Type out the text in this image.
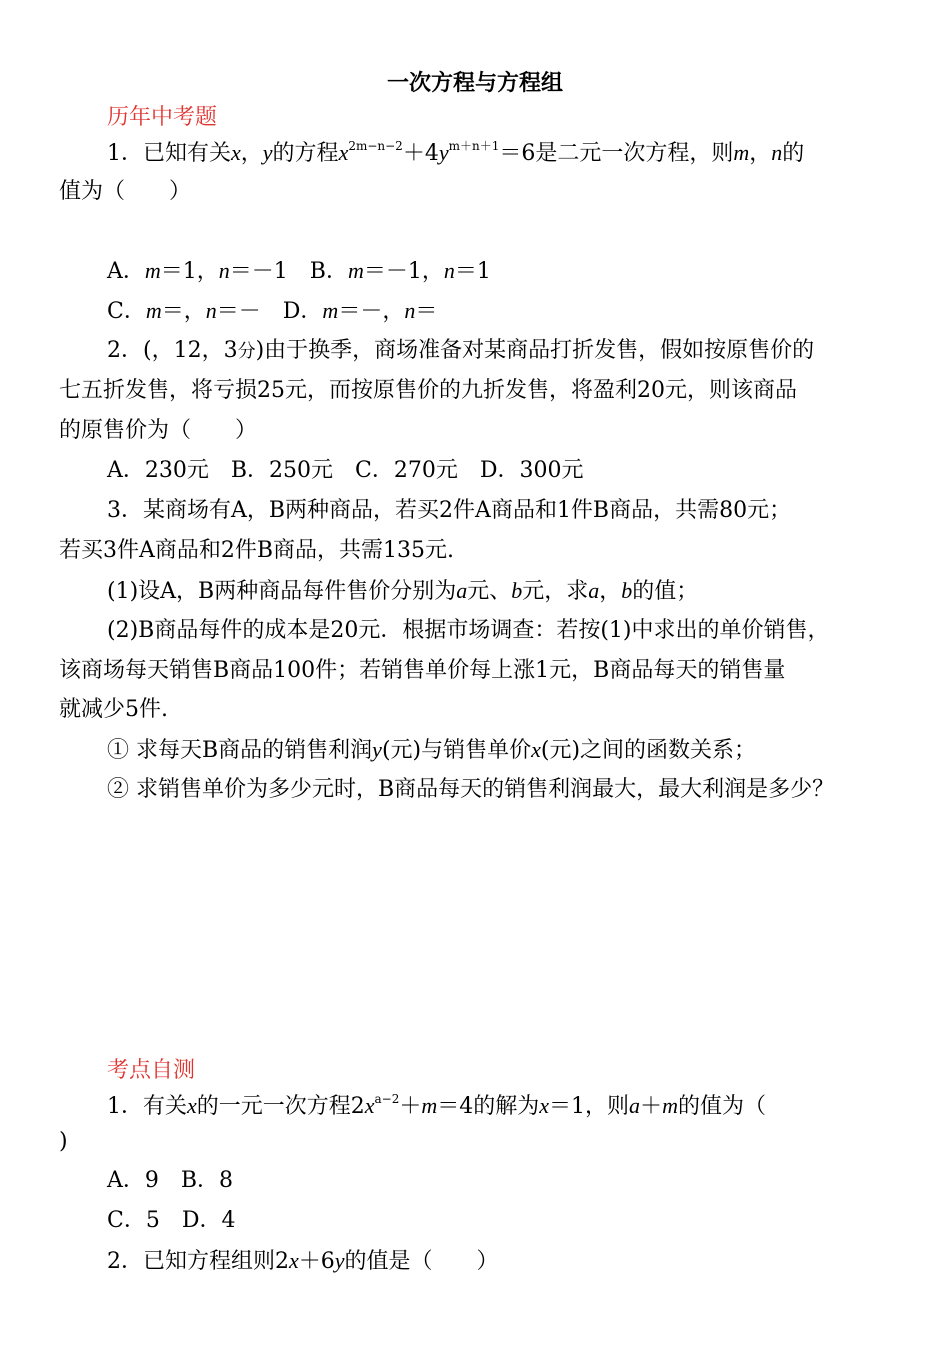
一次方程与方程组
历年中考题
1．已知有关x，y的方程$x^{2m-n-2}+4y^{m+n+1}=6$是二元一次方程，则m，n的
值为（　　）
A．m＝1，n＝－1　 B．m＝－1，n＝1
C．m＝，n＝－　 D．m＝－，n＝
2．(，12，3分)由于换季，商场准备对某商品打折发售，假如按原售价的
七五折发售，将亏损25元，而按原售价的九折发售，将盈利20元，则该商品
的原售价为（　　）
A．230元　B．250元　C．270元　D．300元
3．某商场有A，B两种商品，若买2件A商品和1件B商品，共需80元；
若买3件A商品和2件B商品，共需135元.
(1)设A，B两种商品每件售价分别为a元、b元，求a，b的值；
(2)B商品每件的成本是20元．根据市场调查：若按(1)中求出的单价销售，
该商场每天销售B商品100件；若销售单价每上涨1元，B商品每天的销售量
就减少5件.
① 求每天B商品的销售利润y(元)与销售单价x(元)之间的函数关系；
② 求销售单价为多少元时，B商品每天的销售利润最大，最大利润是多少？
考点自测
1．有关x的一元一次方程$2x^{a-2}+m=4$的解为x＝1，则a＋m的值为（
)
A．9　B．8
C．5　D．4
2．已知方程组则2x＋6y的值是（　　）
